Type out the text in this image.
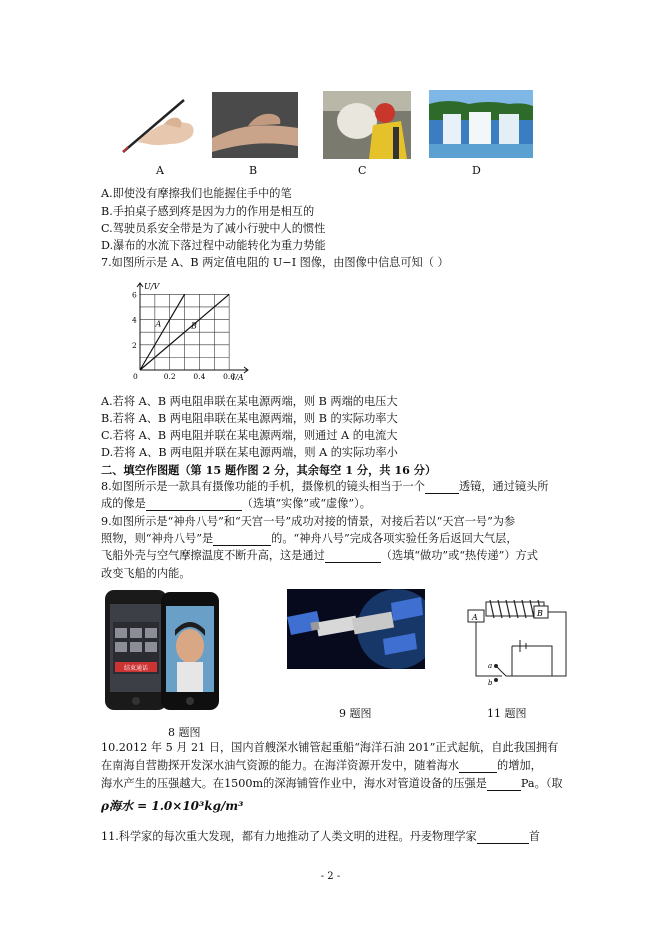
A	B	C	D
A.即使没有摩擦我们也能握住手中的笔
B.手拍桌子感到疼是因为力的作用是相互的
C.驾驶员系安全带是为了减小行驶中人的惯性
D.瀑布的水流下落过程中动能转化为重力势能
7.如图所示是 A、B 两定值电阻的 U−I 图像，由图像中信息可知（ ）
A	B
0	0.2 0.4 0.6
2
4
6
U/V
I/A
A.若将 A、B 两电阻串联在某电源两端，则 B 两端的电压大
B.若将 A、B 两电阻串联在某电源两端，则 B 的实际功率大
C.若将 A、B 两电阻并联在某电源两端，则通过 A 的电流大
D.若将 A、B 两电阻并联在某电源两端，则 A 的实际功率小
二、填空作图题（第 15 题作图 2 分，其余每空 1 分，共 16 分）
8.如图所示是一款具有摄像功能的手机，摄像机的镜头相当于一个	透镜，通过镜头所
成的像是	（选填“实像”或“虚像”）。
9.如图所示是“神舟八号”和“天宫一号”成功对接的情景，对接后若以“天宫一号”为参
照物，则“神舟八号”是	的。“神舟八号”完成各项实验任务后返回大气层，
飞船外壳与空气摩擦温度不断升高，这是通过	（选填“做功”或“热传递”）方式
改变飞船的内能。
结束通话
A	B
a
b
8 题图
9 题图	11 题图
10.2012 年 5 月 21 日，国内首艘深水铺管起重船“海洋石油 201”正式起航，自此我国拥有
在南海自营勘探开发深水油气资源的能力。在海洋资源开发中，随着海水	的增加，
海水产生的压强越大。在1500m的深海铺管作业中，海水对管道设备的压强是	Pa。（取
ρ海水 = 1.0×10³kg/m³
11.科学家的每次重大发现，都有力地推动了人类文明的进程。丹麦物理学家	首
- 2 -
